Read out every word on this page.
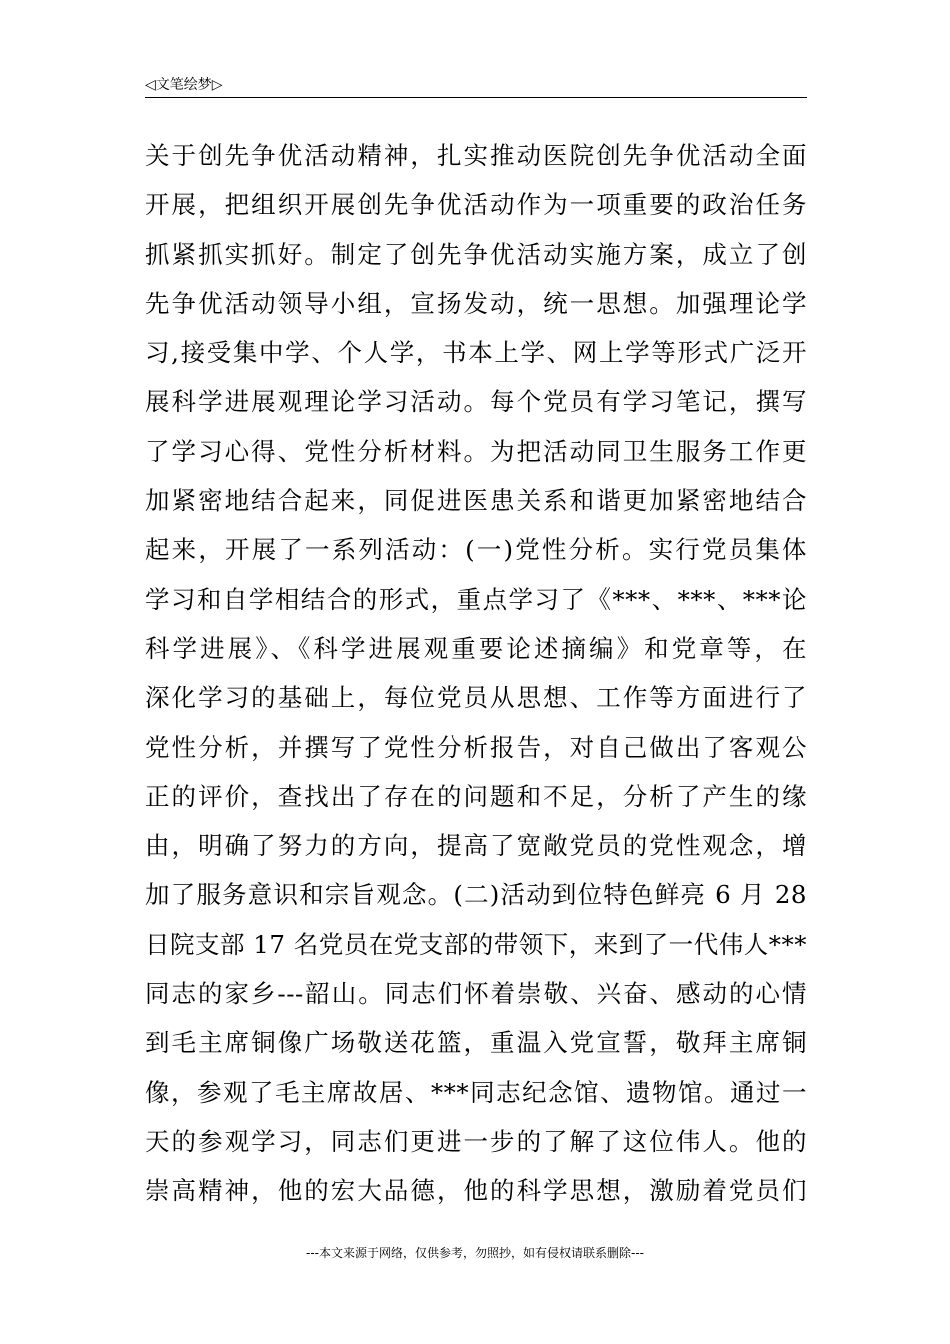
◁文笔绘梦▷
关于创先争优活动精神，扎实推动医院创先争优活动全面
开展，把组织开展创先争优活动作为一项重要的政治任务
抓紧抓实抓好。制定了创先争优活动实施方案，成立了创
先争优活动领导小组，宣扬发动，统一思想。加强理论学
习,接受集中学、个人学，书本上学、网上学等形式广泛开
展科学进展观理论学习活动。每个党员有学习笔记，撰写
了学习心得、党性分析材料。为把活动同卫生服务工作更
加紧密地结合起来，同促进医患关系和谐更加紧密地结合
起来，开展了一系列活动：(一)党性分析。实行党员集体
学习和自学相结合的形式，重点学习了《***、***、***论
科学进展》、《科学进展观重要论述摘编》和党章等，在
深化学习的基础上，每位党员从思想、工作等方面进行了
党性分析，并撰写了党性分析报告，对自己做出了客观公
正的评价，查找出了存在的问题和不足，分析了产生的缘
由，明确了努力的方向，提高了宽敞党员的党性观念，增
加了服务意识和宗旨观念。(二)活动到位特色鲜亮 6 月 28
日院支部 17 名党员在党支部的带领下，来到了一代伟人***
同志的家乡---韶山。同志们怀着崇敬、兴奋、感动的心情
到毛主席铜像广场敬送花篮，重温入党宣誓，敬拜主席铜
像，参观了毛主席故居、***同志纪念馆、遗物馆。通过一
天的参观学习，同志们更进一步的了解了这位伟人。他的
崇高精神，他的宏大品德，他的科学思想，激励着党员们
---本文来源于网络，仅供参考，勿照抄，如有侵权请联系删除---
